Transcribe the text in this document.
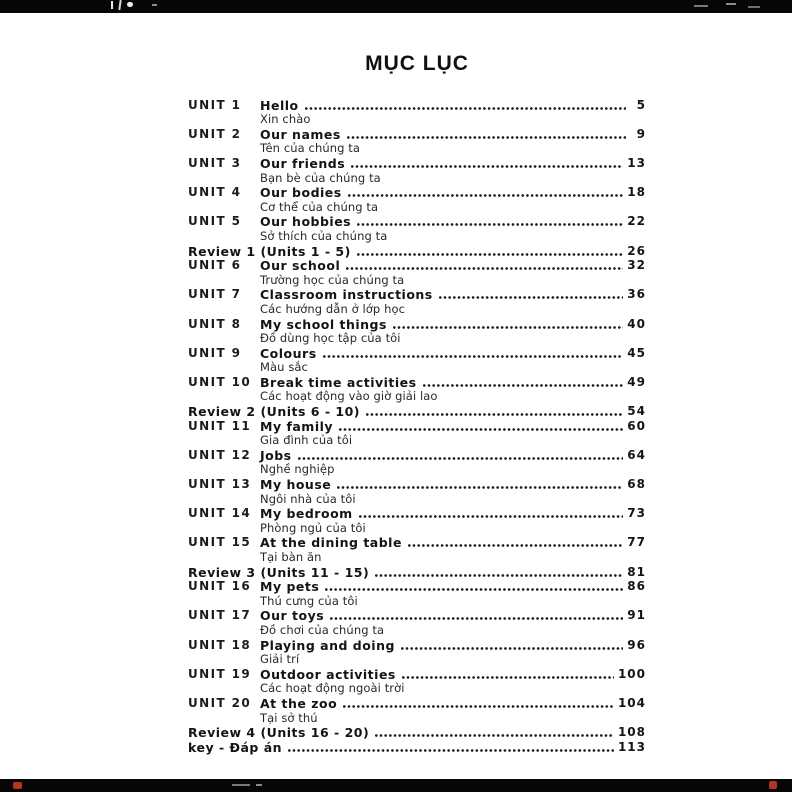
MỤC LỤC
UNIT 1	Hello	5
Xin chào
UNIT 2	Our names	9
Tên của chúng ta
UNIT 3	Our friends	13
Bạn bè của chúng ta
UNIT 4	Our bodies	18
Cơ thể của chúng ta
UNIT 5	Our hobbies	22
Sở thích của chúng ta
Review 1 (Units 1 - 5)	26
UNIT 6	Our school	32
Trường học của chúng ta
UNIT 7	Classroom instructions	36
Các hướng dẫn ở lớp học
UNIT 8	My school things	40
Đồ dùng học tập của tôi
UNIT 9	Colours	45
Màu sắc
UNIT 10 Break time activities	49
Các hoạt động vào giờ giải lao
Review 2 (Units 6 - 10)	54
UNIT 11 My family	60
Gia đình của tôi
UNIT 12 Jobs	64
Nghề nghiệp
UNIT 13 My house	68
Ngôi nhà của tôi
UNIT 14 My bedroom	73
Phòng ngủ của tôi
UNIT 15 At the dining table	77
Tại bàn ăn
Review 3 (Units 11 - 15)	81
UNIT 16 My pets	86
Thú cưng của tôi
UNIT 17 Our toys	91
Đồ chơi của chúng ta
UNIT 18 Playing and doing	96
Giải trí
UNIT 19 Outdoor activities	100
Các hoạt động ngoài trời
UNIT 20 At the zoo	104
Tại sở thú
Review 4 (Units 16 - 20)	108
key - Đáp án	113
